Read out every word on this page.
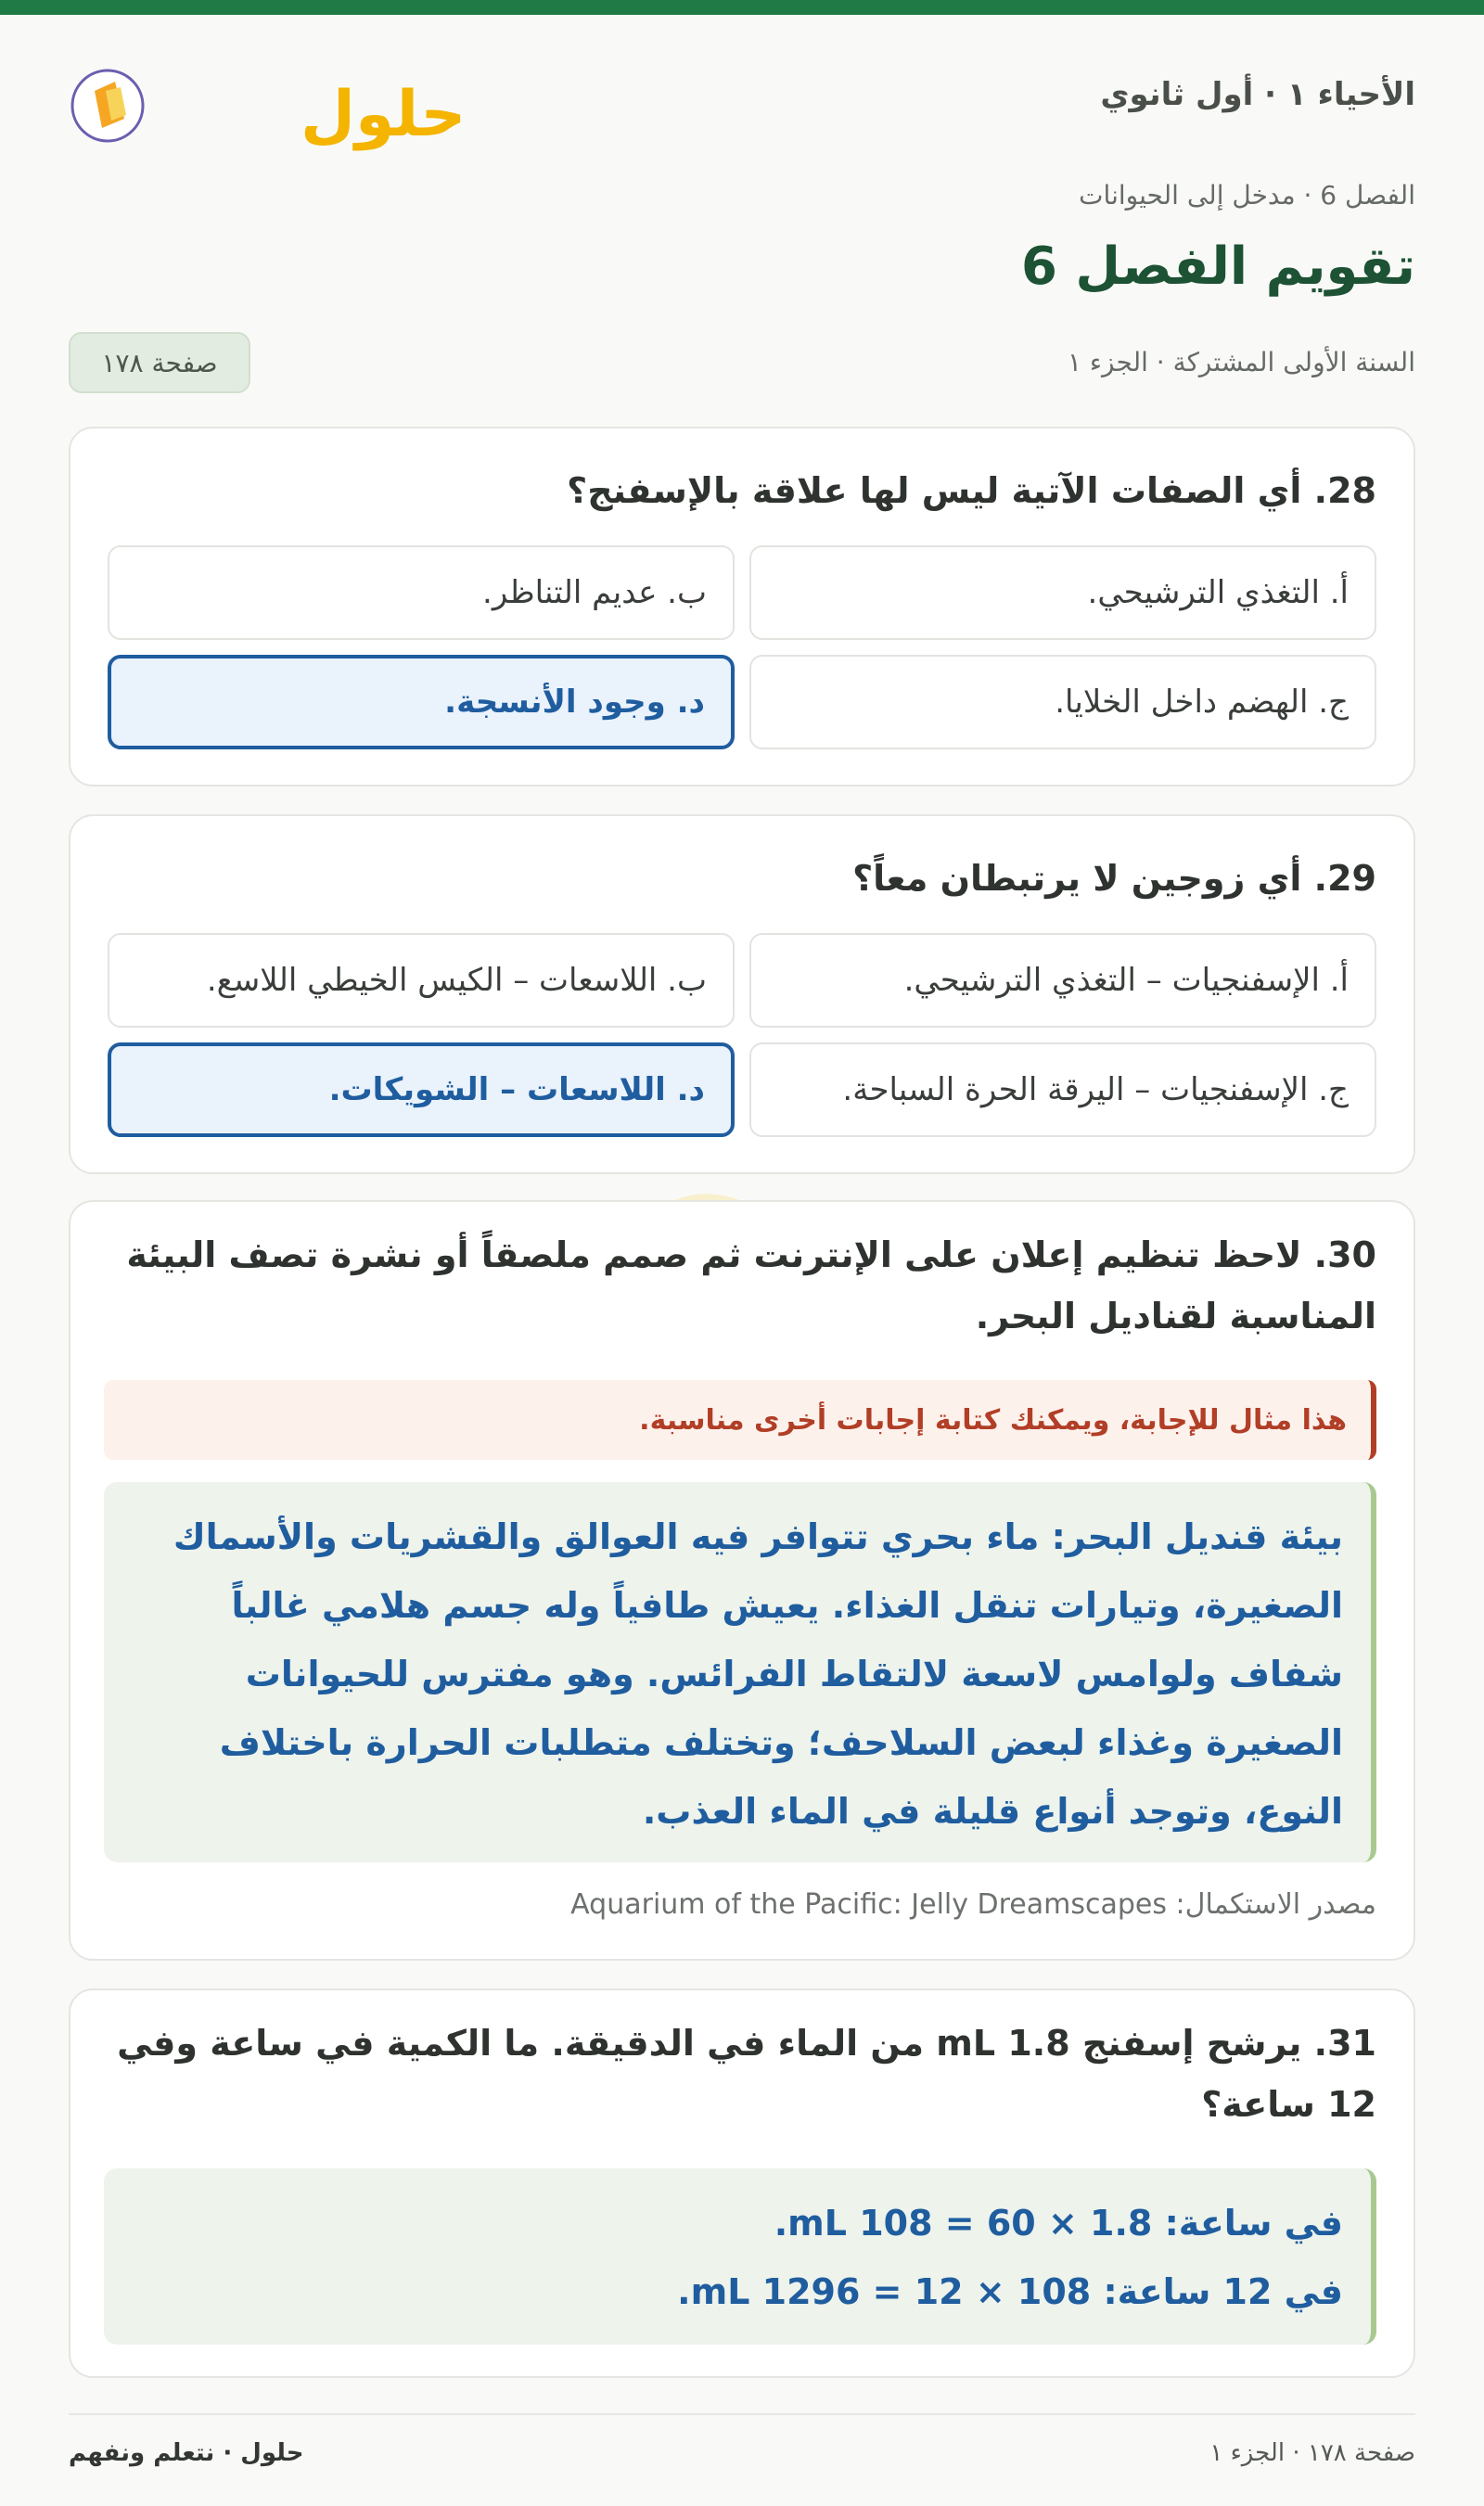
الأحياء ١ · أول ثانوي
حلول
الفصل 6 · مدخل إلى الحيوانات
تقويم الفصل 6
السنة الأولى المشتركة · الجزء ١
صفحة ١٧٨
28. أي الصفات الآتية ليس لها علاقة بالإسفنج؟
أ. التغذي الترشيحي.
ب. عديم التناظر.
ج. الهضم داخل الخلايا.
د. وجود الأنسجة.
29. أي زوجين لا يرتبطان معاً؟
أ. الإسفنجيات – التغذي الترشيحي.
ب. اللاسعات – الكيس الخيطي اللاسع.
ج. الإسفنجيات – اليرقة الحرة السباحة.
د. اللاسعات – الشويكات.
30. لاحظ تنظيم إعلان على الإنترنت ثم صمم ملصقاً أو نشرة تصف البيئة
المناسبة لقناديل البحر.
هذا مثال للإجابة، ويمكنك كتابة إجابات أخرى مناسبة.
بيئة قنديل البحر: ماء بحري تتوافر فيه العوالق والقشريات والأسماك
الصغيرة، وتيارات تنقل الغذاء. يعيش طافياً وله جسم هلامي غالباً
شفاف ولوامس لاسعة لالتقاط الفرائس. وهو مفترس للحيوانات
الصغيرة وغذاء لبعض السلاحف؛ وتختلف متطلبات الحرارة باختلاف
النوع، وتوجد أنواع قليلة في الماء العذب.
مصدر الاستكمال: Aquarium of the Pacific: Jelly Dreamscapes
31. يرشح إسفنج 1.8 mL من الماء في الدقيقة. ما الكمية في ساعة وفي
12 ساعة؟
في ساعة: 1.8 × 60 = 108 mL.
في 12 ساعة: 108 × 12 = 1296 mL.
صفحة ١٧٨ · الجزء ١
حلول · نتعلم ونفهم
